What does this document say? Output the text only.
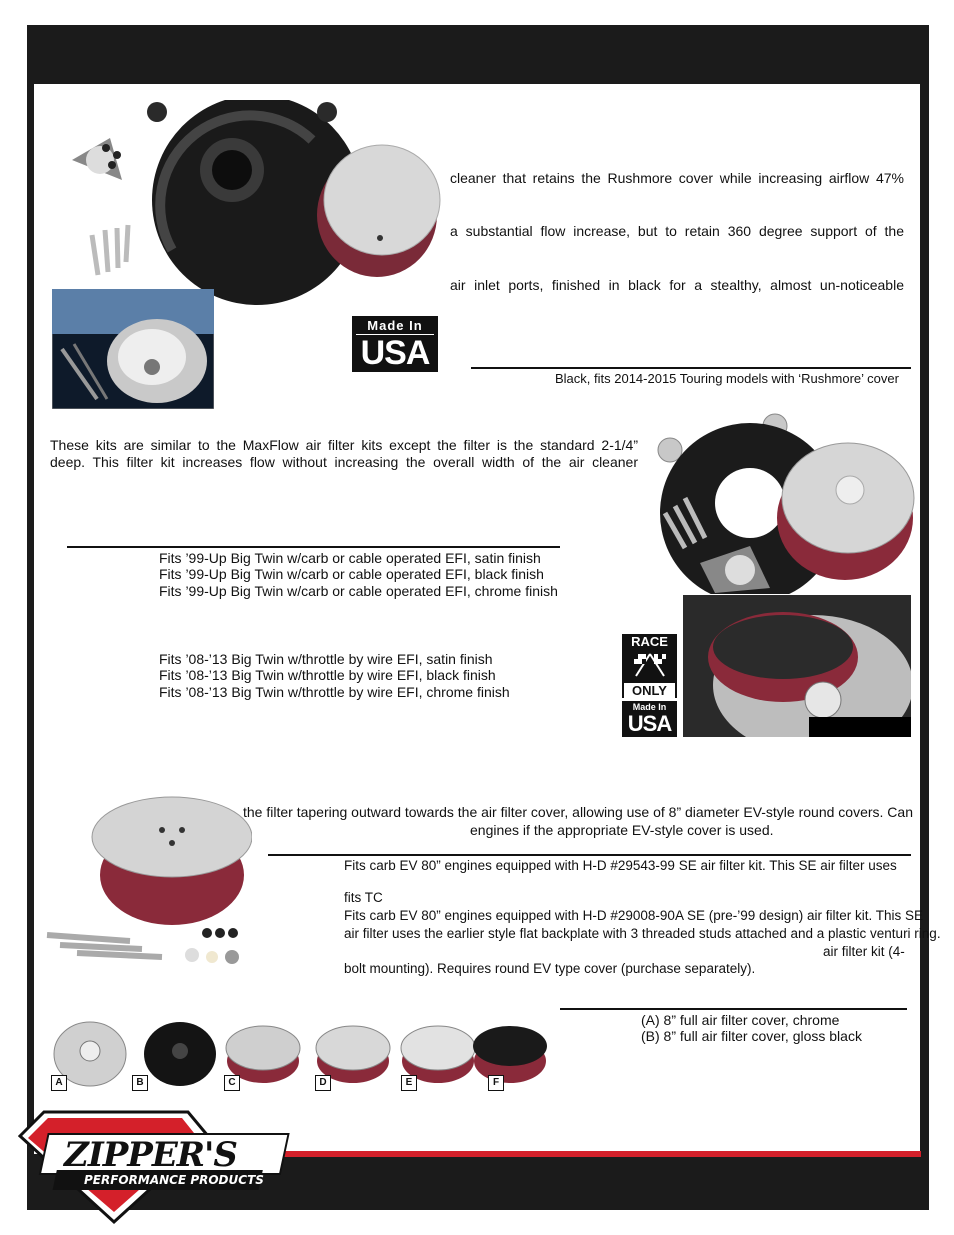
cleaner that retains the Rushmore cover while increasing airflow 47%
a substantial flow increase, but to retain 360 degree support of the
air inlet ports, finished in black for a stealthy, almost un-noticeable
Made In
USA
Black, fits 2014-2015 Touring models with ‘Rushmore’ cover
These kits are similar to the MaxFlow air filter kits except the filter is the standard 2-1/4”
deep. This filter kit increases flow without increasing the overall width of the air cleaner
Fits ’99-Up Big Twin w/carb or cable operated EFI, satin finish
Fits ’99-Up Big Twin w/carb or cable operated EFI, black finish
Fits ’99-Up Big Twin w/carb or cable operated EFI, chrome finish
Fits ’08-’13 Big Twin w/throttle by wire EFI, satin finish
Fits ’08-’13 Big Twin w/throttle by wire EFI, black finish
Fits ’08-’13 Big Twin w/throttle by wire EFI, chrome finish
RACE
ONLY
Made In
USA
the filter tapering outward towards the air filter cover, allowing use of 8” diameter EV-style round covers. Can
engines if the appropriate EV-style cover is used.
Fits carb EV 80” engines equipped with H-D #29543-99 SE air filter kit. This SE air filter uses
fits TC
Fits carb EV 80” engines equipped with H-D #29008-90A SE (pre-’99 design) air filter kit. This SE
air filter uses the earlier style flat backplate with 3 threaded studs attached and a plastic venturi ring.
air filter kit (4-
bolt mounting). Requires round EV type cover (purchase separately).
(A) 8” full air filter cover, chrome
(B) 8” full air filter cover, gloss black
A	B	C	D	E	F
ZIPPER'S
PERFORMANCE PRODUCTS
